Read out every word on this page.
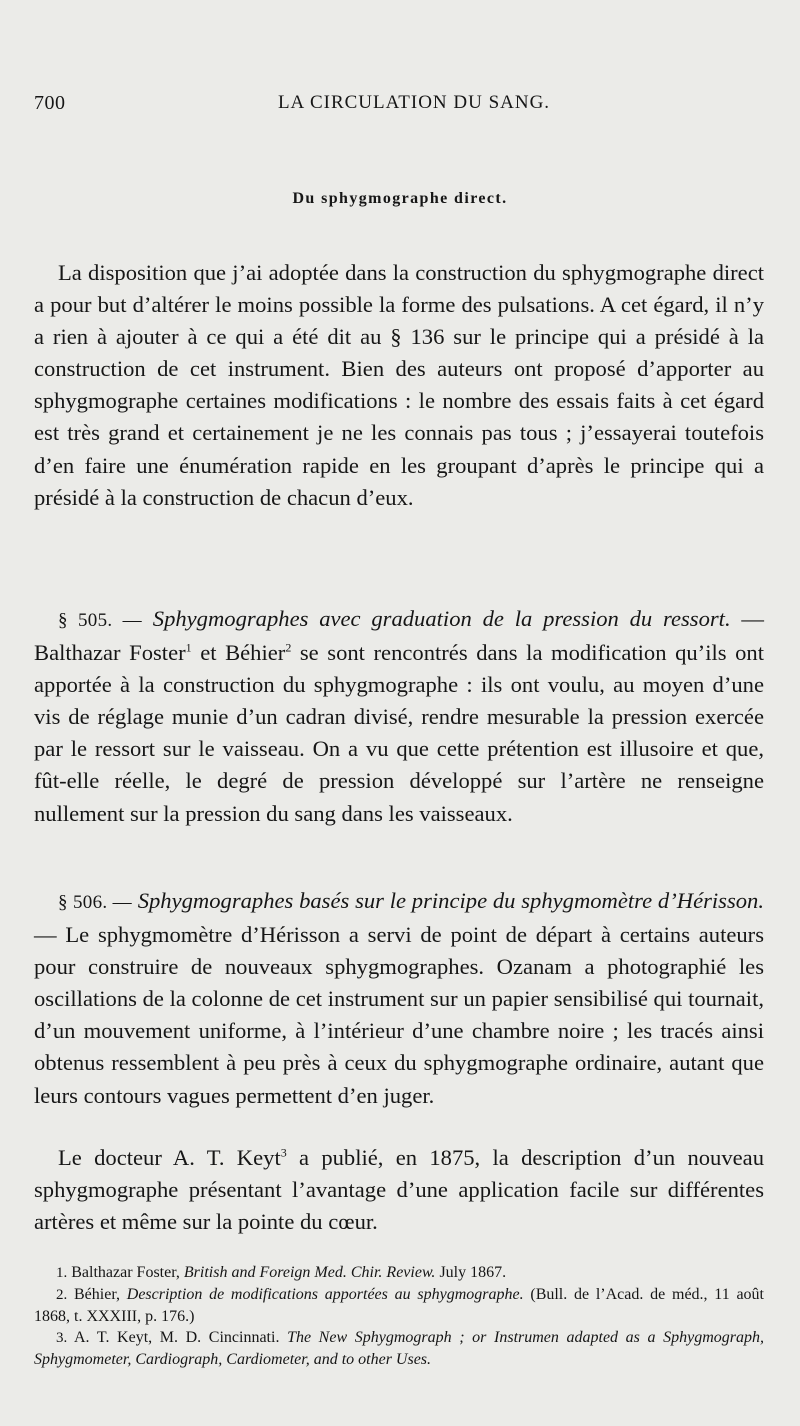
700	LA CIRCULATION DU SANG.
Du sphygmographe direct.

La disposition que j’ai adoptée dans la construction du sphygmographe direct a pour but d’altérer le moins possible la forme des pulsations. A cet égard, il n’y a rien à ajouter à ce qui a été dit au § 136 sur le principe qui a présidé à la construction de cet instrument. Bien des auteurs ont proposé d’apporter au sphygmographe certaines modifications : le nombre des essais faits à cet égard est très grand et certainement je ne les connais pas tous ; j’essayerai toutefois d’en faire une énumération rapide en les groupant d’après le principe qui a présidé à la construction de chacun d’eux.

§ 505. — Sphygmographes avec graduation de la pression du ressort. — Balthazar Foster$^1$ et Béhier$^2$ se sont rencontrés dans la modification qu’ils ont apportée à la construction du sphygmographe : ils ont voulu, au moyen d’une vis de réglage munie d’un cadran divisé, rendre mesurable la pression exercée par le ressort sur le vaisseau. On a vu que cette prétention est illusoire et que, fût-elle réelle, le degré de pression développé sur l’artère ne renseigne nullement sur la pression du sang dans les vaisseaux.

§ 506. — Sphygmographes basés sur le principe du sphygmomètre d’Hérisson. — Le sphygmomètre d’Hérisson a servi de point de départ à certains auteurs pour construire de nouveaux sphygmographes. Ozanam a photographié les oscillations de la colonne de cet instrument sur un papier sensibilisé qui tournait, d’un mouvement uniforme, à l’intérieur d’une chambre noire ; les tracés ainsi obtenus ressemblent à peu près à ceux du sphygmographe ordinaire, autant que leurs contours vagues permettent d’en juger.

Le docteur A. T. Keyt$^3$ a publié, en 1875, la description d’un nouveau sphygmographe présentant l’avantage d’une application facile sur différentes artères et même sur la pointe du cœur.

1. Balthazar Foster, British and Foreign Med. Chir. Review. July 1867.

2. Béhier, Description de modifications apportées au sphygmographe. (Bull. de l’Acad. de méd., 11 août 1868, t. XXXIII, p. 176.)

3. A. T. Keyt, M. D. Cincinnati. The New Sphygmograph ; or Instrumen adapted as a Sphygmograph, Sphygmometer, Cardiograph, Cardiometer, and to other Uses.
